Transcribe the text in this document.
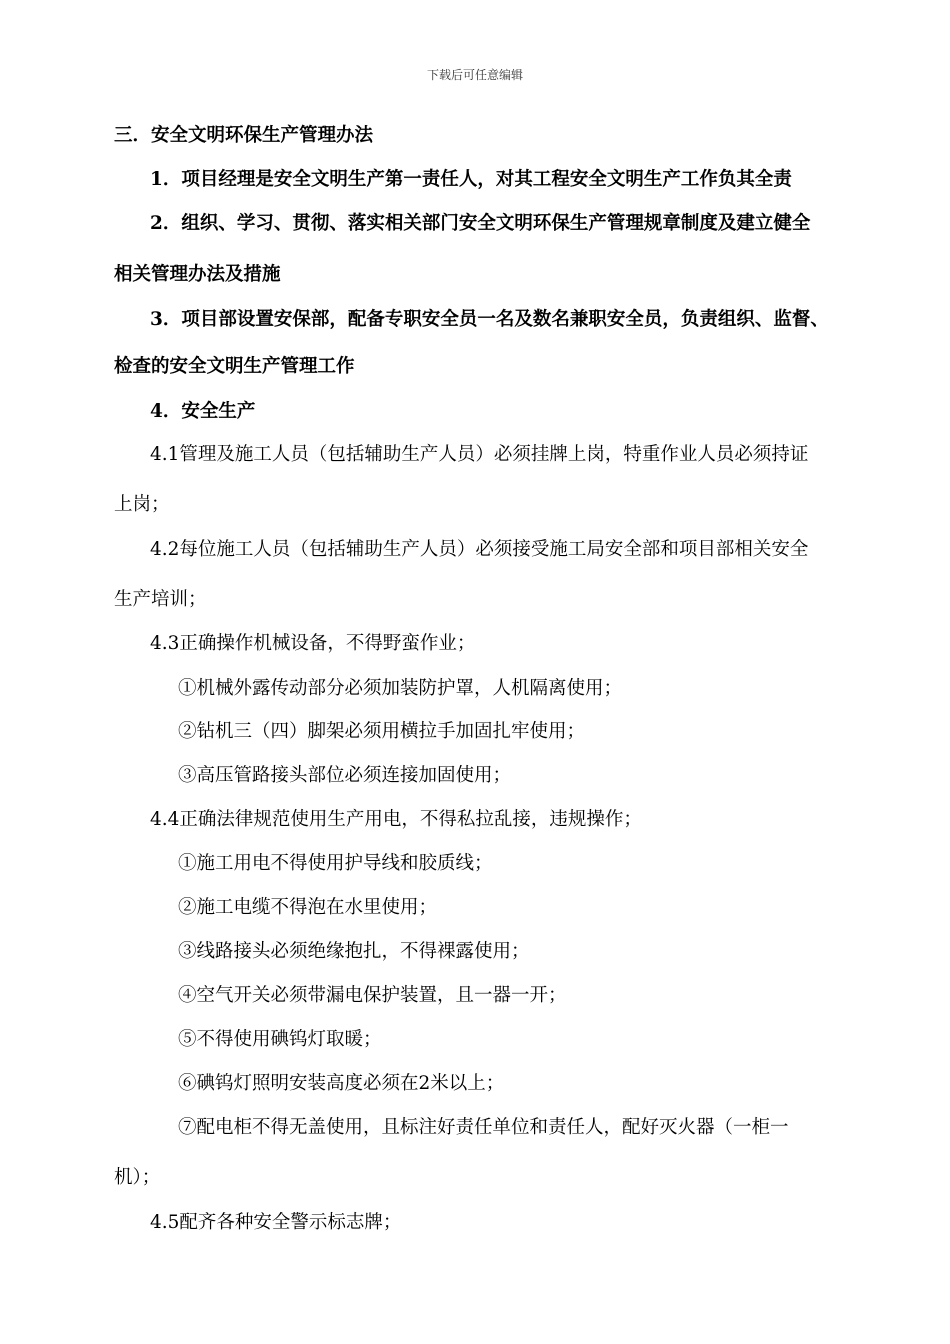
下载后可任意编辑
三．安全文明环保生产管理办法
1．项目经理是安全文明生产第一责任人，对其工程安全文明生产工作负其全责
2．组织、学习、贯彻、落实相关部门安全文明环保生产管理规章制度及建立健全
相关管理办法及措施
3．项目部设置安保部，配备专职安全员一名及数名兼职安全员，负责组织、监督、
检查的安全文明生产管理工作
4．安全生产
4.1管理及施工人员（包括辅助生产人员）必须挂牌上岗，特重作业人员必须持证
上岗；
4.2每位施工人员（包括辅助生产人员）必须接受施工局安全部和项目部相关安全
生产培训；
4.3正确操作机械设备，不得野蛮作业；
①机械外露传动部分必须加装防护罩，人机隔离使用；
②钻机三（四）脚架必须用横拉手加固扎牢使用；
③高压管路接头部位必须连接加固使用；
4.4正确法律规范使用生产用电，不得私拉乱接，违规操作；
①施工用电不得使用护导线和胶质线；
②施工电缆不得泡在水里使用；
③线路接头必须绝缘抱扎，不得裸露使用；
④空气开关必须带漏电保护装置，且一器一开；
⑤不得使用碘钨灯取暖；
⑥碘钨灯照明安装高度必须在2米以上；
⑦配电柜不得无盖使用，且标注好责任单位和责任人，配好灭火器（一柜一
机）；
4.5配齐各种安全警示标志牌；
